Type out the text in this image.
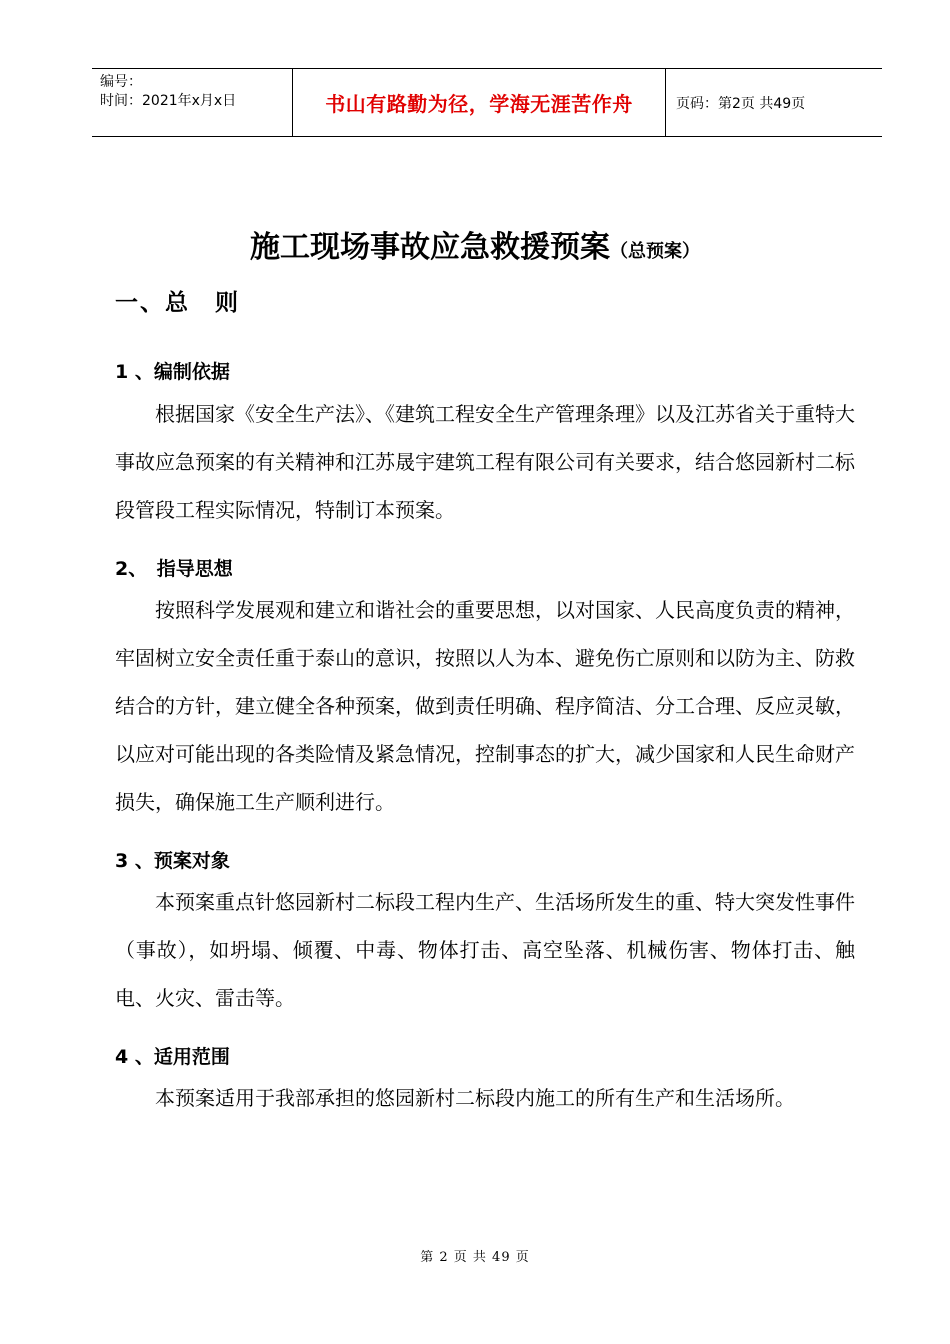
编号：
时间：2021年x月x日	书山有路勤为径，学海无涯苦作舟	页码：第2页 共49页
施工现场事故应急救援预案（总预案）
一、总　则
1 、编制依据

根据国家《安全生产法》、《建筑工程安全生产管理条理》以及江苏省关于重特大事故应急预案的有关精神和江苏晟宇建筑工程有限公司有关要求，结合悠园新村二标段管段工程实际情况，特制订本预案。

2、　指导思想

按照科学发展观和建立和谐社会的重要思想，以对国家、人民高度负责的精神，牢固树立安全责任重于泰山的意识，按照以人为本、避免伤亡原则和以防为主、防救结合的方针，建立健全各种预案，做到责任明确、程序简洁、分工合理、反应灵敏，以应对可能出现的各类险情及紧急情况，控制事态的扩大，减少国家和人民生命财产损失，确保施工生产顺利进行。

3 、预案对象

本预案重点针悠园新村二标段工程内生产、生活场所发生的重、特大突发性事件（事故），如坍塌、倾覆、中毒、物体打击、高空坠落、机械伤害、物体打击、触电、火灾、雷击等。

4 、适用范围

本预案适用于我部承担的悠园新村二标段内施工的所有生产和生活场所。

第 2 页 共 49 页
